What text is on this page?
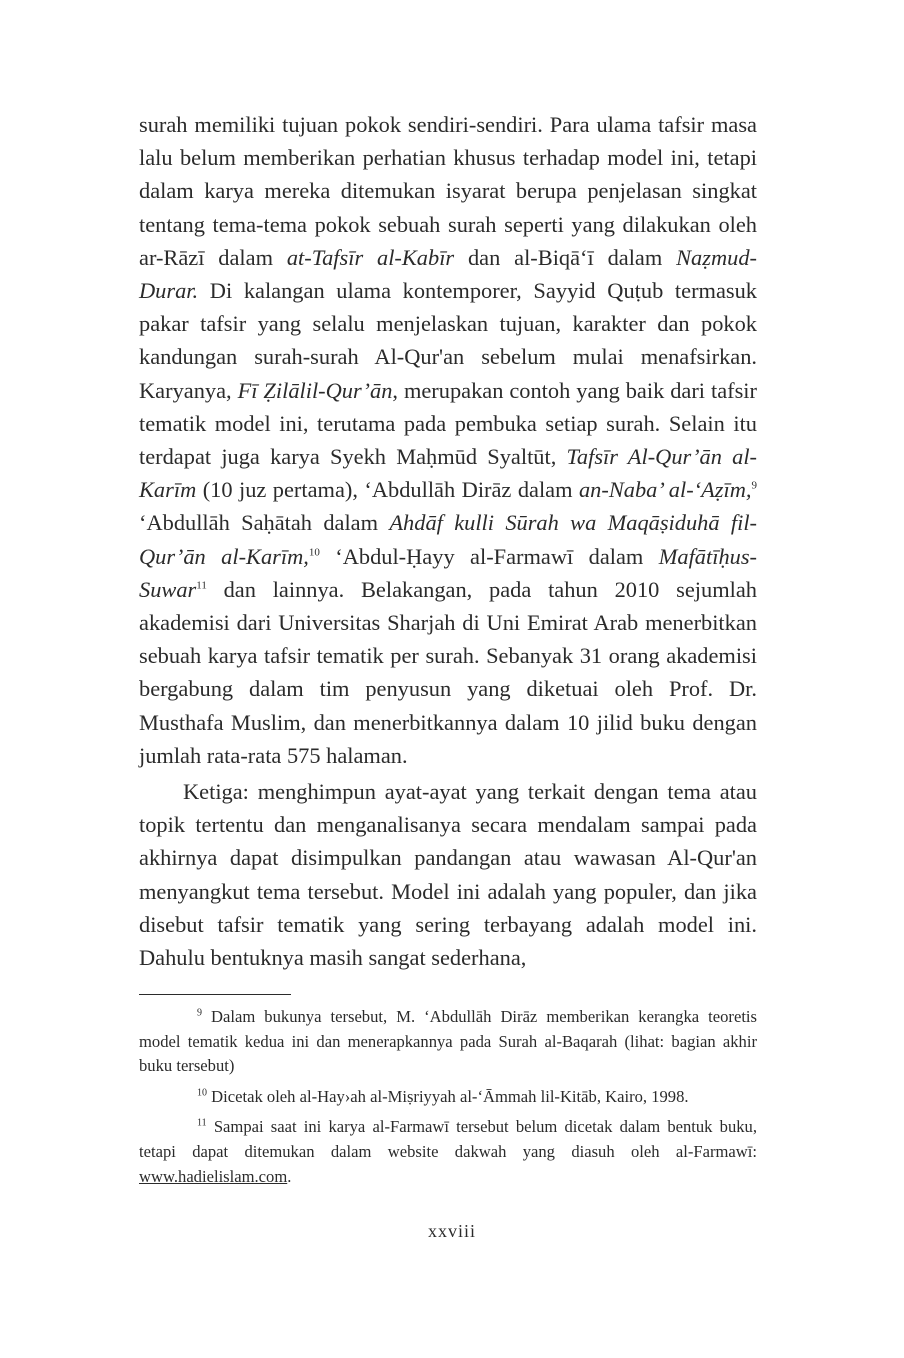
surah memiliki tujuan pokok sendiri-sendiri. Para ulama tafsir masa lalu belum memberikan perhatian khusus terhadap model ini, tetapi dalam karya mereka ditemukan isyarat berupa penjelasan singkat tentang tema-tema pokok sebuah surah seperti yang dilakukan oleh ar-Rāzī dalam at-Tafsīr al-Kabīr dan al-Biqā‘ī dalam Naẓmud-Durar. Di kalangan ulama kontemporer, Sayyid Quṭub termasuk pakar tafsir yang selalu menjelaskan tujuan, karakter dan pokok kandungan surah-surah Al-Qur'an sebelum mulai menafsirkan. Karyanya, Fī Ẓilālil-Qur’ān, merupakan contoh yang baik dari tafsir tematik model ini, terutama pada pembuka setiap surah. Selain itu terdapat juga karya Syekh Maḥmūd Syaltūt, Tafsīr Al-Qur’ān al-Karīm (10 juz pertama), ‘Abdullāh Dirāz dalam an-Naba’ al-‘Aẓīm,$^9$ ‘Abdullāh Saḥātah dalam Ahdāf kulli Sūrah wa Maqāṣiduhā fil-Qur’ān al-Karīm,$^{10}$ ‘Abdul-Ḥayy al-Farmawī dalam Mafātīḥus-Suwar$^{11}$ dan lainnya. Belakangan, pada tahun 2010 sejumlah akademisi dari Universitas Sharjah di Uni Emirat Arab menerbitkan sebuah karya tafsir tematik per surah. Sebanyak 31 orang akademisi bergabung dalam tim penyusun yang diketuai oleh Prof. Dr. Musthafa Muslim, dan menerbitkannya dalam 10 jilid buku dengan jumlah rata-rata 575 halaman.

Ketiga: menghimpun ayat-ayat yang terkait dengan tema atau topik tertentu dan menganalisanya secara mendalam sampai pada akhirnya dapat disimpulkan pandangan atau wawasan Al-Qur'an menyangkut tema tersebut. Model ini adalah yang populer, dan jika disebut tafsir tematik yang sering terbayang adalah model ini. Dahulu bentuknya masih sangat sederhana,

$^9$ Dalam bukunya tersebut, M. ‘Abdullāh Dirāz memberikan kerangka teoretis model tematik kedua ini dan menerapkannya pada Surah al-Baqarah (lihat: bagian akhir buku tersebut)

$^{10}$ Dicetak oleh al-Hay›ah al-Miṣriyyah al-‘Āmmah lil-Kitāb, Kairo, 1998.

$^{11}$ Sampai saat ini karya al-Farmawī tersebut belum dicetak dalam bentuk buku, tetapi dapat ditemukan dalam website dakwah yang diasuh oleh al-Farmawī: www.hadielislam.com.

xxviii
